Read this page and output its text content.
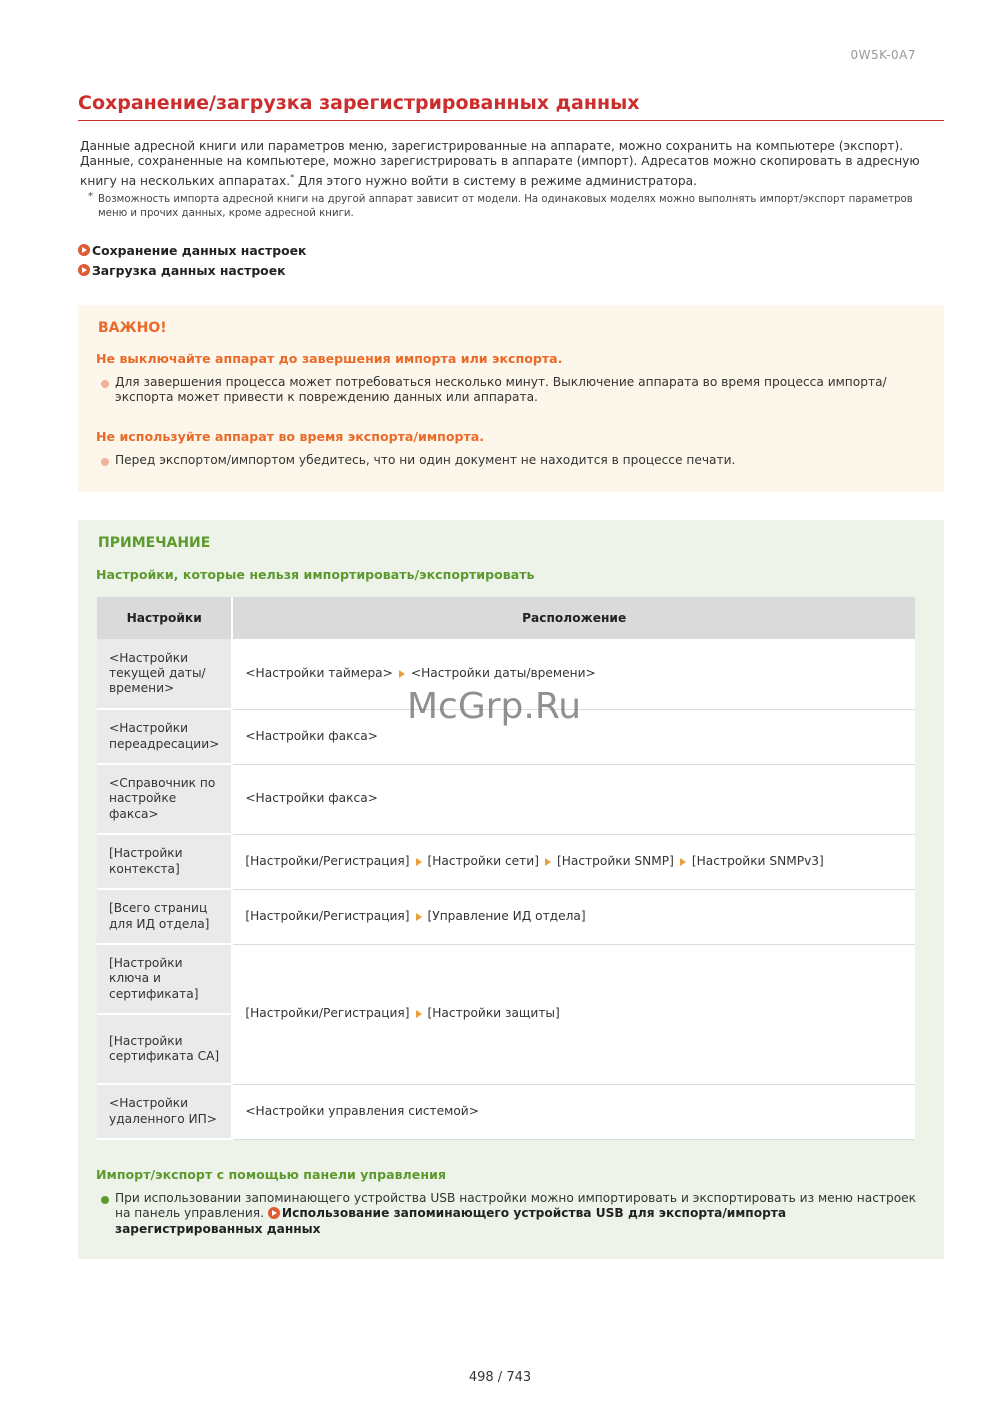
0W5K-0A7
Сохранение/загрузка зарегистрированных данных

Данные адресной книги или параметров меню, зарегистрированные на аппарате, можно сохранить на компьютере (экспорт).

Данные, сохраненные на компьютере, можно зарегистрировать в аппарате (импорт). Адресатов можно скопировать в адресную

книгу на нескольких аппаратах.* Для этого нужно войти в систему в режиме администратора.

* Возможность импорта адресной книги на другой аппарат зависит от модели. На одинаковых моделях можно выполнять импорт/экспорт параметров
меню и прочих данных, кроме адресной книги.
Сохранение данных настроек
Загрузка данных настроек
ВАЖНО!
Не выключайте аппарат до завершения импорта или экспорта.
Для завершения процесса может потребоваться несколько минут. Выключение аппарата во время процесса импорта/
экспорта может привести к повреждению данных или аппарата.
Не используйте аппарат во время экспорта/импорта.
Перед экспортом/импортом убедитесь, что ни один документ не находится в процессе печати.
ПРИМЕЧАНИЕ
Настройки, которые нельзя импортировать/экспортировать
Настройки	Расположение
<Настройки текущей даты/ времени>	<Настройки таймера> <Настройки даты/времени>
<Настройки переадресации>	<Настройки факса>
<Справочник по настройке факса>	<Настройки факса>
[Настройки контекста]	[Настройки/Регистрация] [Настройки сети] [Настройки SNMP] [Настройки SNMPv3]
[Всего страниц для ИД отдела]	[Настройки/Регистрация] [Управление ИД отдела]
[Настройки ключа и сертификата]	[Настройки/Регистрация] [Настройки защиты]
[Настройки сертификата CA]	
<Настройки удаленного ИП>	<Настройки управления системой>
Импорт/экспорт с помощью панели управления
При использовании запоминающего устройства USB настройки можно импортировать и экспортировать из меню настроек
на панель управления. Использование запоминающего устройства USB для экспорта/импорта
зарегистрированных данных
McGrp.Ru
498 / 743
